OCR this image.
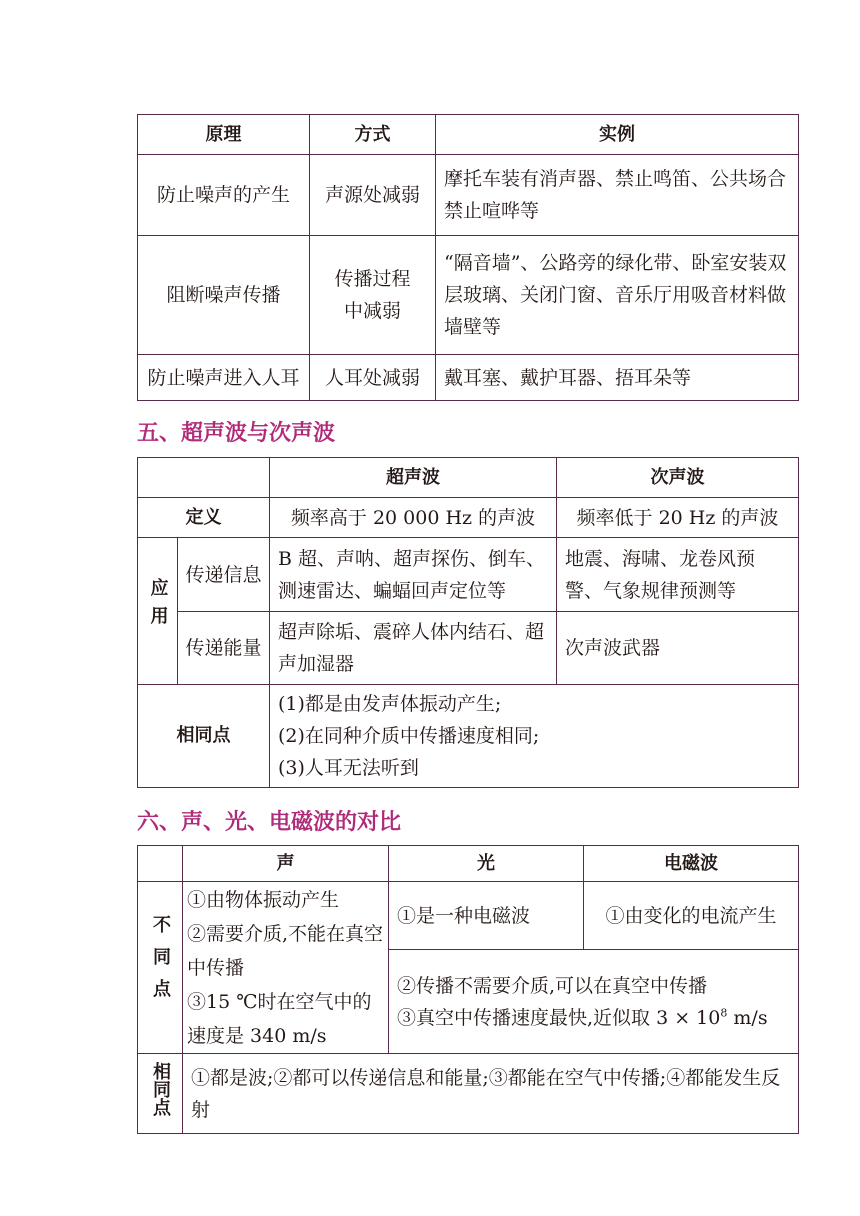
原理	方式	实例
防止噪声的产生	声源处减弱	摩托车装有消声器、禁止鸣笛、公共场合禁止喧哗等
阻断噪声传播	传播过程中减弱	“隔音墙”、公路旁的绿化带、卧室安装双层玻璃、关闭门窗、音乐厅用吸音材料做墙壁等
防止噪声进入人耳	人耳处减弱	戴耳塞、戴护耳器、捂耳朵等
五、超声波与次声波
		超声波	次声波
定义		频率高于 20 000 Hz 的声波	频率低于 20 Hz 的声波
应用	传递信息	B 超、声呐、超声探伤、倒车、测速雷达、蝙蝠回声定位等	地震、海啸、龙卷风预警、气象规律预测等
	传递能量	超声除垢、震碎人体内结石、超声加湿器	次声波武器
相同点		(1)都是由发声体振动产生;
(2)在同种介质中传播速度相同;
(3)人耳无法听到	
六、声、光、电磁波的对比
	声	光	电磁波
不同点	①由物体振动产生
②需要介质,不能在真空中传播
③15 ℃时在空气中的速度是 340 m/s	①是一种电磁波	①由变化的电流产生

		②传播不需要介质,可以在真空中传播
③真空中传播速度最快,近似取 $3 \times 10^8$ m/s	

相同点	①都是波;②都可以传递信息和能量;③都能在空气中传播;④都能发生反射		
